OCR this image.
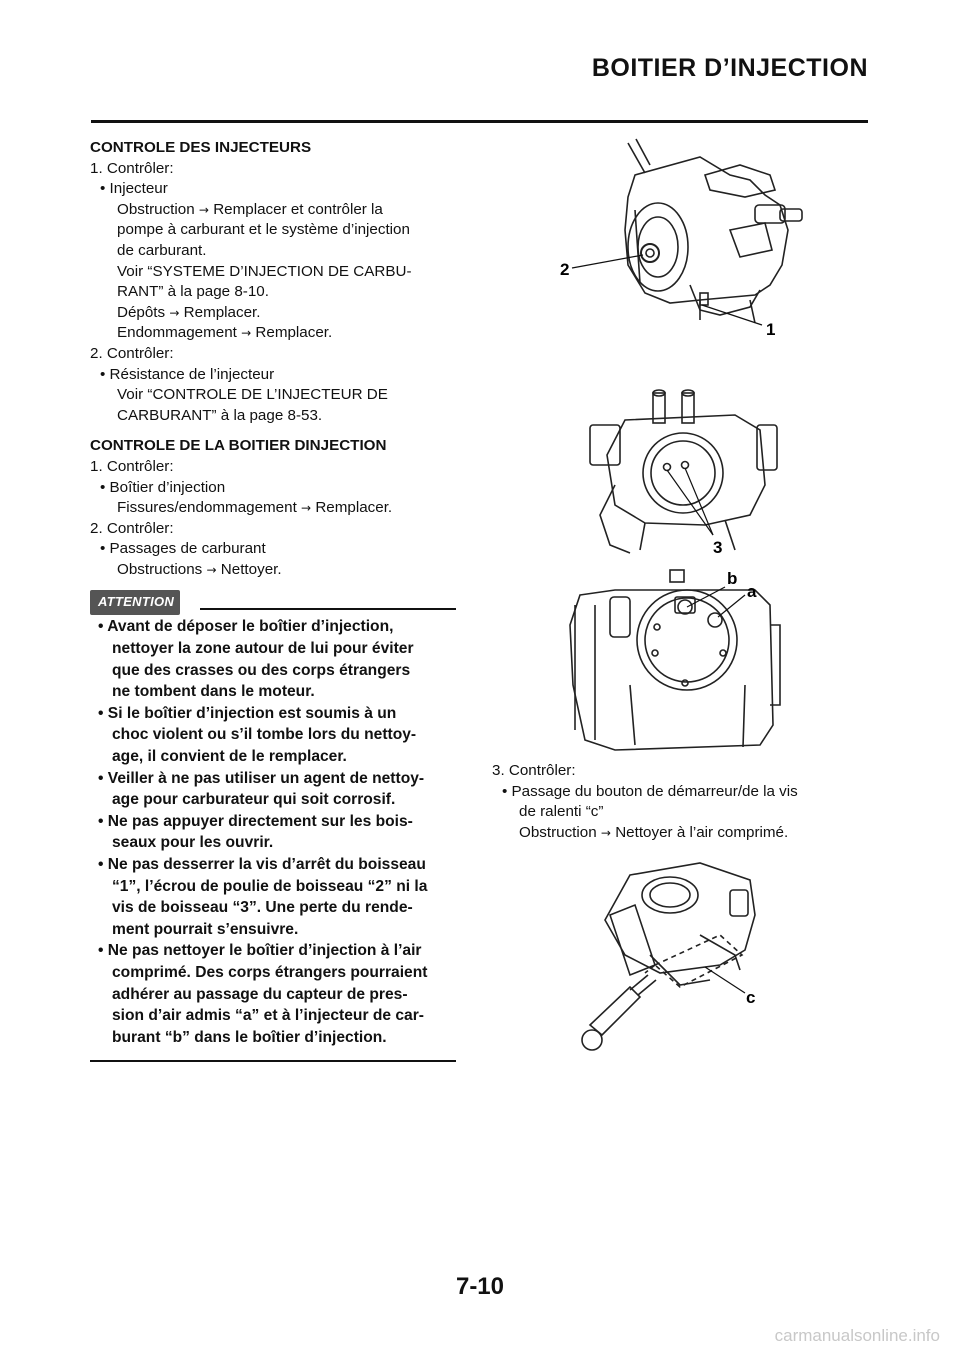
BOITIER D’INJECTION

CONTROLE DES INJECTEURS

1. Contrôler:

• Injecteur

Obstruction → Remplacer et contrôler la

pompe à carburant et le système d’injection

de carburant.

Voir “SYSTEME D’INJECTION DE CARBU-

RANT” à la page 8-10.

Dépôts → Remplacer.

Endommagement → Remplacer.

2. Contrôler:

• Résistance de l’injecteur

Voir “CONTROLE DE L’INJECTEUR DE

CARBURANT” à la page 8-53.

CONTROLE DE LA BOITIER DINJECTION

1. Contrôler:

• Boîtier d’injection

Fissures/endommagement → Remplacer.

2. Contrôler:

• Passages de carburant

Obstructions → Nettoyer.

ATTENTION

• Avant de déposer le boîtier d’injection,

nettoyer la zone autour de lui pour éviter

que des crasses ou des corps étrangers

ne tombent dans le moteur.

• Si le boîtier d’injection est soumis à un

choc violent ou s’il tombe lors du nettoy-

age, il convient de le remplacer.

• Veiller à ne pas utiliser un agent de nettoy-

age pour carburateur qui soit corrosif.

• Ne pas appuyer directement sur les bois-

seaux pour les ouvrir.

• Ne pas desserrer la vis d’arrêt du boisseau

“1”, l’écrou de poulie de boisseau “2” ni la

vis de boisseau “3”. Une perte du rende-

ment pourrait s’ensuivre.

• Ne pas nettoyer le boîtier d’injection à l’air

comprimé. Des corps étrangers pourraient

adhérer au passage du capteur de pres-

sion d’air admis “a” et à l’injecteur de car-

burant “b” dans le boîtier d’injection.

2
1
3
b
a

3. Contrôler:

• Passage du bouton de démarreur/de la vis

de ralenti “c”

Obstruction → Nettoyer à l’air comprimé.

c
7-10
carmanualsonline.info
